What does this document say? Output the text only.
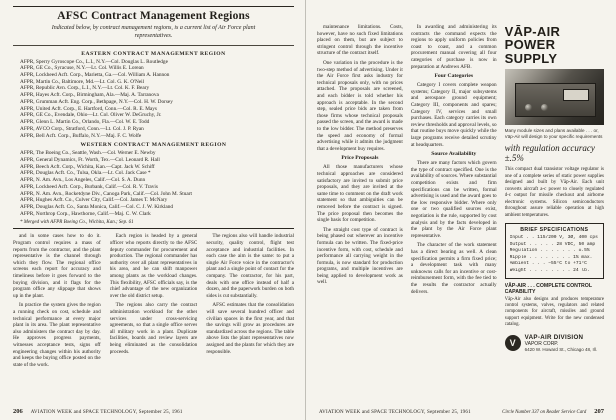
AFSC Contract Management Regions

Indicated below, by contract management regions, is a current list of Air Force plant representatives.

EASTERN CONTRACT MANAGEMENT REGION
AFPR, Sperry Gyroscope Co., L.I., N.Y.—Col. Douglas L. Routledge
AFPR, GE Co., Syracuse, N.Y.—Lt. Col. Willis E. Lorean
AFPR, Lockheed Acft. Corp., Marietta, Ga.—Col. William A. Hannon
AFPR, Martin Co., Baltimore, Md.—Lt. Col. G. K. O'Neil
AFPR, Republic Avn. Corp., L.I., N.Y.—Lt. Col. K. F. Beary
AFPR, Hayes Acft. Corp., Birmingham, Ala.—Maj. A. Tarranova
AFPR, Grumman Acft. Eng. Corp., Bethpage, N.Y.—Col. H. W. Dorsey
AFPR, United Acft. Corp., E. Hartford, Conn.—Col. R. E. Mays
AFPR, GE Co., Evendale, Ohio—Lt. Col. Oliver W. DeGruchy, Jr.
AFPR, Glenn L. Martin Co., Orlando, Fla.—Col. W. E. Todd
AFPR, AVCO Corp., Stratford, Conn.—Lt. Col. J. P. Ryan
AFPR, Bell Acft. Corp., Buffalo, N.Y.—Maj. F. C. Wolfe
WESTERN CONTRACT MANAGEMENT REGION
AFPR, The Boeing Co., Seattle, Wash.—Col. Werner E. Newby
AFPR, General Dynamics, Ft. Worth, Tex.—Col. Leonard R. Hall
AFPR, Beech Acft. Corp., Wichita, Kan.—Capt. Jack W. Schiff
AFPR, Douglas Acft. Co., Tulsa, Okla.—Lt. Col. Jack Case *
AFPR, N. Am. Avn., Los Angeles, Calif.—Col. S. A. Dunn
AFPR, Lockheed Acft. Corp., Burbank, Calif.—Col. R. V. Travis
AFPR, N. Am. Avn., Rocketdyne Div., Canoga Park, Calif.—Col. John M. Stuart
AFPR, Hughes Acft. Co., Culver City, Calif.—Col. James T. McNary
AFPR, Douglas Acft. Co., Santa Monica, Calif.—Col. C. J. W. Kirkland
AFPR, Northrop Corp., Hawthorne, Calif.—Maj. C. W. Clark
* Merged with AFPR Boeing Co., Wichita, Kan.; Sep. 61
and in some cases how to do it. Program control requires a mass of reports from the contractor, and the plant representative is the channel through which they flow. The regional office screens each report for accuracy and timeliness before it goes forward to the buying division, and it flags for the program office any slippage that shows up in the plant.
In practice the system gives the region a running check on cost, schedule and technical performance at every major plant in its area. The plant representative also administers the contract day by day. He approves progress payments, witnesses acceptance tests, signs off engineering changes within his authority and keeps the buying office posted on the state of the work.
Each region is headed by a general officer who reports directly to the AFSC deputy commander for procurement and production. The regional commander has authority over all plant representatives in his area, and he can shift manpower among plants as the workload changes. This flexibility, AFSC officials say, is the chief advantage of the new organization over the old district setup.
The regions also carry the contract administration workload for the other services under cross-servicing agreements, so that a single office serves all military work in a plant. Duplicate facilities, boards and review layers are being eliminated as the consolidation proceeds.
The regions also will handle industrial security, quality control, flight test acceptance and industrial facilities. In each case the aim is the same: to put a single Air Force voice in the contractor's plant and a single point of contact for the company. The contractor, for his part, deals with one office instead of half a dozen, and the paperwork burden on both sides is cut substantially.
AFSC estimates that the consolidation will save several hundred officer and civilian spaces in the first year, and that the savings will grow as procedures are standardized across the regions. The table above lists the plant representatives now assigned and the plants for which they are responsible.
206 AVIATION WEEK and SPACE TECHNOLOGY, September 25, 1961
maintenance limitations. Costs, however, have no such fixed limitations placed on them, but are subject to stringent control through the incentive structure of the contract itself.
One variation in the procedure is the two-step method of advertising. Under it the Air Force first asks industry for technical proposals only, with no prices attached. The proposals are screened, and each bidder is told whether his approach is acceptable. In the second step, sealed price bids are taken from those firms whose technical proposals passed the screen, and the award is made to the low bidder. The method preserves the speed and economy of formal advertising while it admits the judgment that a development buy requires.
Price Proposals
All those manufacturers whose technical approaches are considered satisfactory are invited to submit price proposals, and they are invited at the same time to comment on the draft work statement so that ambiguities can be removed before the contract is signed. The price proposal then becomes the single basis for competition.
The straight cost type of contract is being phased out wherever an incentive formula can be written. The fixed-price incentive form, with cost, schedule and performance all carrying weight in the formula, is now standard for production programs, and multiple incentives are being applied to development work as well.
In awarding and administering its contracts the command expects the regions to apply uniform policies from coast to coast, and a common procurement manual covering all four categories of purchase is now in preparation at Andrews AFB.
Four Categories
Category I covers complete weapon systems; Category II, major subsystems and aerospace ground equipment; Category III, components and spares; Category IV, services and small purchases. Each category carries its own review thresholds and approval levels, so that routine buys move quickly while the large programs receive detailed scrutiny at headquarters.
Source Availability
There are many factors which govern the type of contract specified. One is the availability of sources. Where substantial competition exists and firm specifications can be written, formal advertising is used and the award goes to the low responsive bidder. Where only one or two qualified sources exist, negotiation is the rule, supported by cost analysis and by the facts developed in the plant by the Air Force plant representative.
The character of the work statement has a direct bearing as well. A clean specification permits a firm fixed price; a development task with many unknowns calls for an incentive or cost-reimbursement form, with the fee tied to the results the contractor actually delivers.
VĀP-AIR POWER SUPPLY
Many module sizes and plans available . . . or, Vāp-Air will design to your specific requirements
with regulation accuracy ±.5%
This compact dual transistor voltage regulator is one of a complete series of static power supplies designed and built by Vāp-Air. Each unit converts aircraft a-c power to closely regulated d-c output for missile checkout and airborne electronic systems. Silicon semiconductors throughout assure reliable operation at high ambient temperatures.
BRIEF SPECIFICATIONS
Input . . 115/200 V, 3Ø, 400 cps
Output . . . . . 28 VDC, 50 amp
Regulation . . . . . . . ±.5%
Ripple . . . . . . . . 1% max.
Ambient . . . −55°C to +71°C
Weight . . . . . . . . 24 lb.
VĀP-AIR . . . COMPLETE CONTROL CAPABILITY
Vāp-Air also designs and produces temperature control systems, valves, regulators and related components for aircraft, missiles and ground support equipment. Write for the new condensed catalog.
V
VAP-AIR DIVISION
VAPOR CORP.
6420 W. Howard St., Chicago 48, Ill.
AVIATION WEEK and SPACE TECHNOLOGY, September 25, 1961	Circle Number 337 on Reader Service Card 207
